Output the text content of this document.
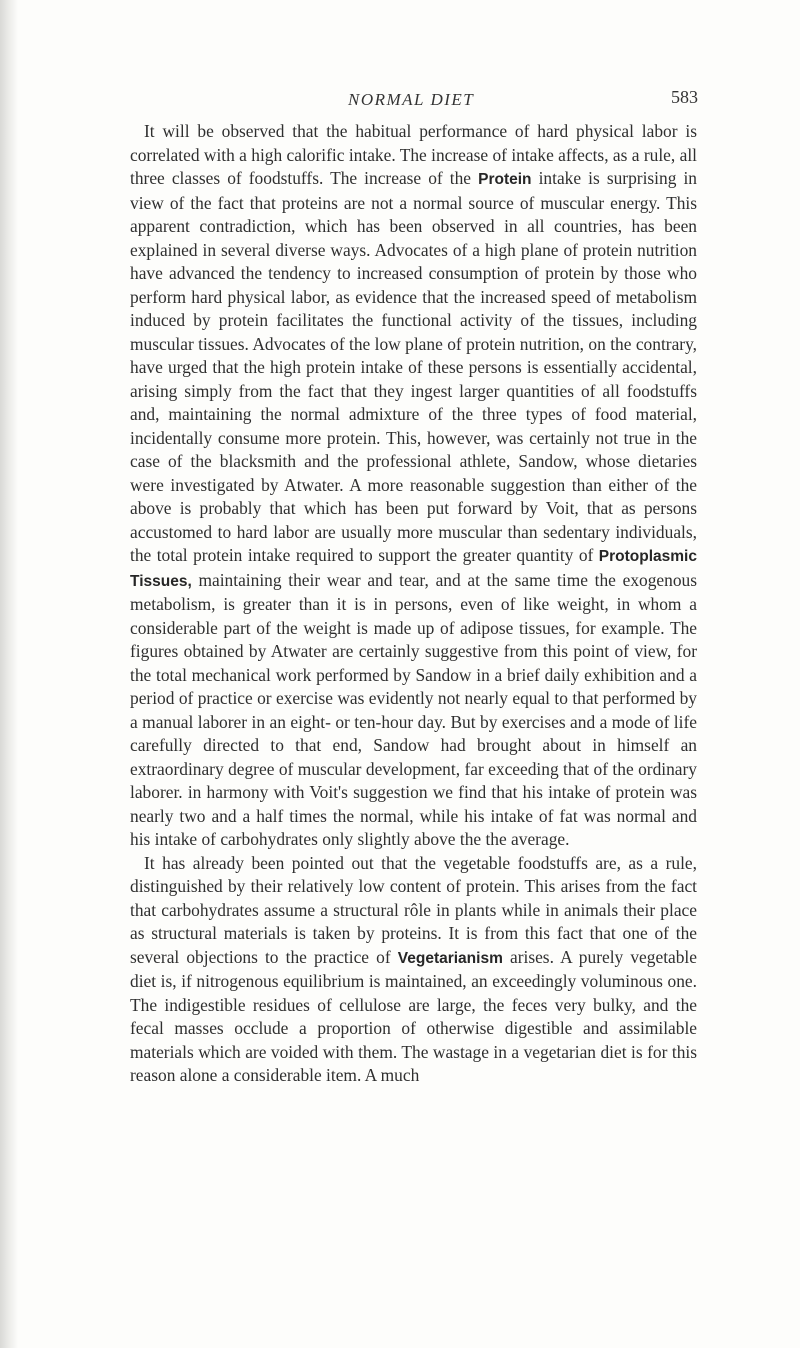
NORMAL DIET	583

It will be observed that the habitual performance of hard physical labor is correlated with a high calorific intake. The increase of intake affects, as a rule, all three classes of foodstuffs. The increase of the Protein intake is surprising in view of the fact that proteins are not a normal source of muscular energy. This apparent contradiction, which has been observed in all countries, has been explained in several diverse ways. Advocates of a high plane of protein nutrition have advanced the tendency to increased consumption of protein by those who perform hard physical labor, as evidence that the increased speed of metabolism induced by protein facilitates the functional activity of the tissues, including muscular tissues. Advocates of the low plane of protein nutrition, on the contrary, have urged that the high protein intake of these persons is essentially accidental, arising simply from the fact that they ingest larger quantities of all foodstuffs and, maintaining the normal admixture of the three types of food material, incidentally consume more protein. This, however, was certainly not true in the case of the blacksmith and the professional athlete, Sandow, whose dietaries were investigated by Atwater. A more reasonable suggestion than either of the above is probably that which has been put forward by Voit, that as persons accustomed to hard labor are usually more muscular than sedentary individuals, the total protein intake required to support the greater quantity of Protoplasmic Tissues, maintaining their wear and tear, and at the same time the exogenous metabolism, is greater than it is in persons, even of like weight, in whom a considerable part of the weight is made up of adipose tissues, for example. The figures obtained by Atwater are certainly suggestive from this point of view, for the total mechanical work performed by Sandow in a brief daily exhibition and a period of practice or exercise was evidently not nearly equal to that performed by a manual laborer in an eight- or ten-hour day. But by exercises and a mode of life carefully directed to that end, Sandow had brought about in himself an extraordinary degree of muscular development, far exceeding that of the ordinary laborer. in harmony with Voit's suggestion we find that his intake of protein was nearly two and a half times the normal, while his intake of fat was normal and his intake of carbohydrates only slightly above the the average.

It has already been pointed out that the vegetable foodstuffs are, as a rule, distinguished by their relatively low content of protein. This arises from the fact that carbohydrates assume a structural rôle in plants while in animals their place as structural materials is taken by proteins. It is from this fact that one of the several objections to the practice of Vegetarianism arises. A purely vegetable diet is, if nitrogenous equilibrium is maintained, an exceedingly voluminous one. The indigestible residues of cellulose are large, the feces very bulky, and the fecal masses occlude a proportion of otherwise digestible and assimilable materials which are voided with them. The wastage in a vegetarian diet is for this reason alone a considerable item. A much
